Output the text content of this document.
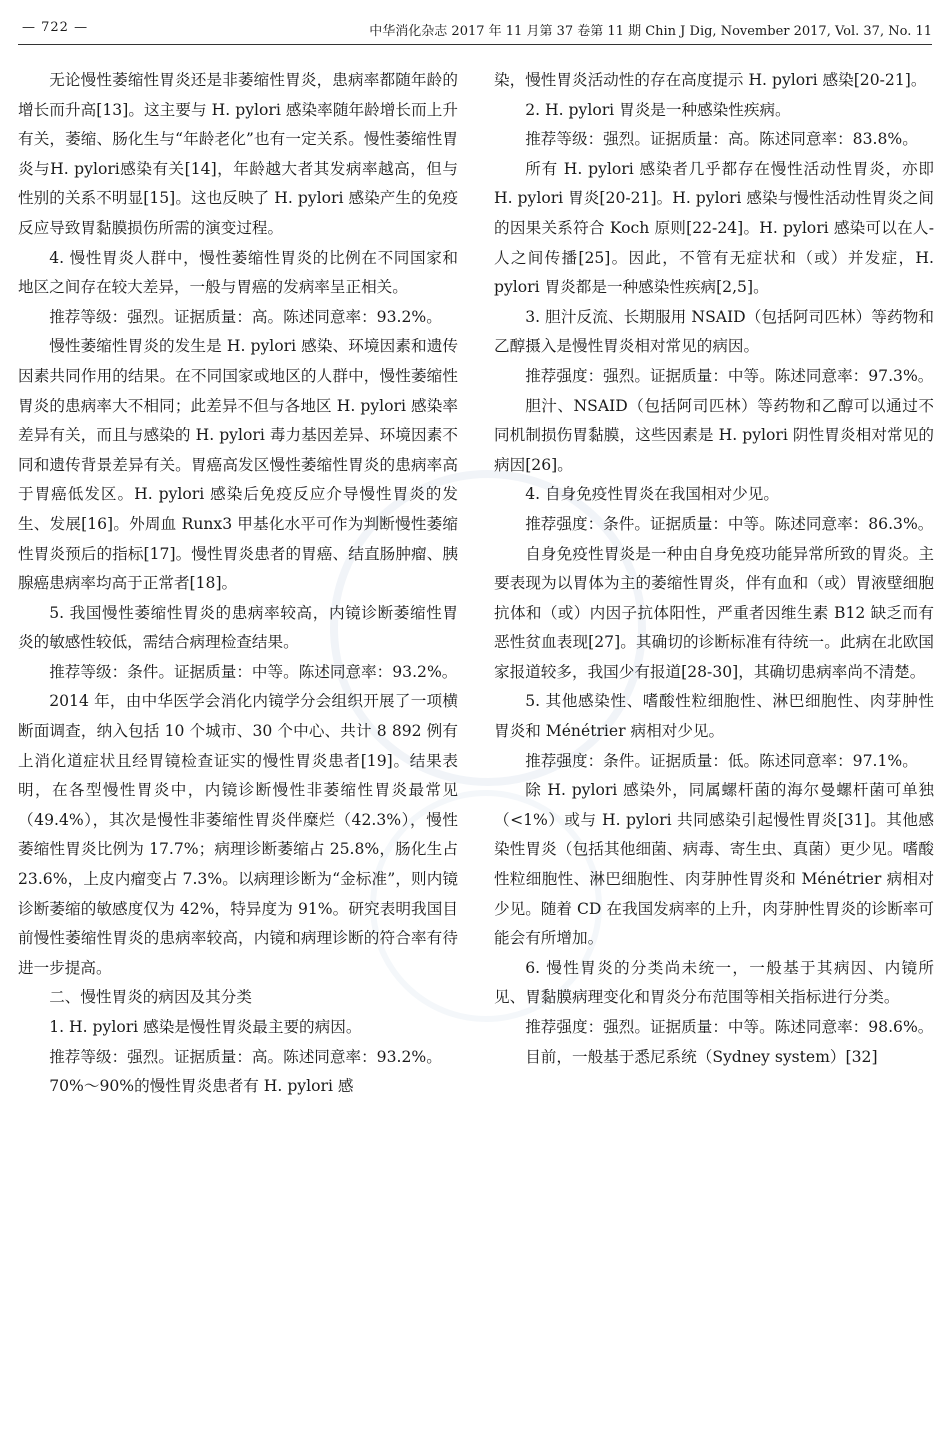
— 722 —	中华消化杂志 2017 年 11 月第 37 卷第 11 期 Chin J Dig, November 2017, Vol. 37, No. 11

无论慢性萎缩性胃炎还是非萎缩性胃炎，患病率都随年龄的增长而升高[13]。这主要与 H. pylori 感染率随年龄增长而上升有关，萎缩、肠化生与“年龄老化”也有一定关系。慢性萎缩性胃炎与H. pylori感染有关[14]，年龄越大者其发病率越高，但与性别的关系不明显[15]。这也反映了 H. pylori 感染产生的免疫反应导致胃黏膜损伤所需的演变过程。

4. 慢性胃炎人群中，慢性萎缩性胃炎的比例在不同国家和地区之间存在较大差异，一般与胃癌的发病率呈正相关。

推荐等级：强烈。证据质量：高。陈述同意率：93.2%。

慢性萎缩性胃炎的发生是 H. pylori 感染、环境因素和遗传因素共同作用的结果。在不同国家或地区的人群中，慢性萎缩性胃炎的患病率大不相同；此差异不但与各地区 H. pylori 感染率差异有关，而且与感染的 H. pylori 毒力基因差异、环境因素不同和遗传背景差异有关。胃癌高发区慢性萎缩性胃炎的患病率高于胃癌低发区。H. pylori 感染后免疫反应介导慢性胃炎的发生、发展[16]。外周血 Runx3 甲基化水平可作为判断慢性萎缩性胃炎预后的指标[17]。慢性胃炎患者的胃癌、结直肠肿瘤、胰腺癌患病率均高于正常者[18]。

5. 我国慢性萎缩性胃炎的患病率较高，内镜诊断萎缩性胃炎的敏感性较低，需结合病理检查结果。

推荐等级：条件。证据质量：中等。陈述同意率：93.2%。

2014 年，由中华医学会消化内镜学分会组织开展了一项横断面调查，纳入包括 10 个城市、30 个中心、共计 8 892 例有上消化道症状且经胃镜检查证实的慢性胃炎患者[19]。结果表明，在各型慢性胃炎中，内镜诊断慢性非萎缩性胃炎最常见（49.4%），其次是慢性非萎缩性胃炎伴糜烂（42.3%），慢性萎缩性胃炎比例为 17.7%；病理诊断萎缩占 25.8%，肠化生占 23.6%，上皮内瘤变占 7.3%。以病理诊断为“金标准”，则内镜诊断萎缩的敏感度仅为 42%，特异度为 91%。研究表明我国目前慢性萎缩性胃炎的患病率较高，内镜和病理诊断的符合率有待进一步提高。

二、慢性胃炎的病因及其分类

1. H. pylori 感染是慢性胃炎最主要的病因。

推荐等级：强烈。证据质量：高。陈述同意率：93.2%。

70%～90%的慢性胃炎患者有 H. pylori 感

染，慢性胃炎活动性的存在高度提示 H. pylori 感染[20-21]。

2. H. pylori 胃炎是一种感染性疾病。

推荐等级：强烈。证据质量：高。陈述同意率：83.8%。

所有 H. pylori 感染者几乎都存在慢性活动性胃炎，亦即 H. pylori 胃炎[20-21]。H. pylori 感染与慢性活动性胃炎之间的因果关系符合 Koch 原则[22-24]。H. pylori 感染可以在人-人之间传播[25]。因此，不管有无症状和（或）并发症，H. pylori 胃炎都是一种感染性疾病[2,5]。

3. 胆汁反流、长期服用 NSAID（包括阿司匹林）等药物和乙醇摄入是慢性胃炎相对常见的病因。

推荐强度：强烈。证据质量：中等。陈述同意率：97.3%。

胆汁、NSAID（包括阿司匹林）等药物和乙醇可以通过不同机制损伤胃黏膜，这些因素是 H. pylori 阴性胃炎相对常见的病因[26]。

4. 自身免疫性胃炎在我国相对少见。

推荐强度：条件。证据质量：中等。陈述同意率：86.3%。

自身免疫性胃炎是一种由自身免疫功能异常所致的胃炎。主要表现为以胃体为主的萎缩性胃炎，伴有血和（或）胃液壁细胞抗体和（或）内因子抗体阳性，严重者因维生素 B12 缺乏而有恶性贫血表现[27]。其确切的诊断标准有待统一。此病在北欧国家报道较多，我国少有报道[28-30]，其确切患病率尚不清楚。

5. 其他感染性、嗜酸性粒细胞性、淋巴细胞性、肉芽肿性胃炎和 Ménétrier 病相对少见。

推荐强度：条件。证据质量：低。陈述同意率：97.1%。

除 H. pylori 感染外，同属螺杆菌的海尔曼螺杆菌可单独（<1%）或与 H. pylori 共同感染引起慢性胃炎[31]。其他感染性胃炎（包括其他细菌、病毒、寄生虫、真菌）更少见。嗜酸性粒细胞性、淋巴细胞性、肉芽肿性胃炎和 Ménétrier 病相对少见。随着 CD 在我国发病率的上升，肉芽肿性胃炎的诊断率可能会有所增加。

6. 慢性胃炎的分类尚未统一，一般基于其病因、内镜所见、胃黏膜病理变化和胃炎分布范围等相关指标进行分类。

推荐强度：强烈。证据质量：中等。陈述同意率：98.6%。

目前，一般基于悉尼系统（Sydney system）[32]
